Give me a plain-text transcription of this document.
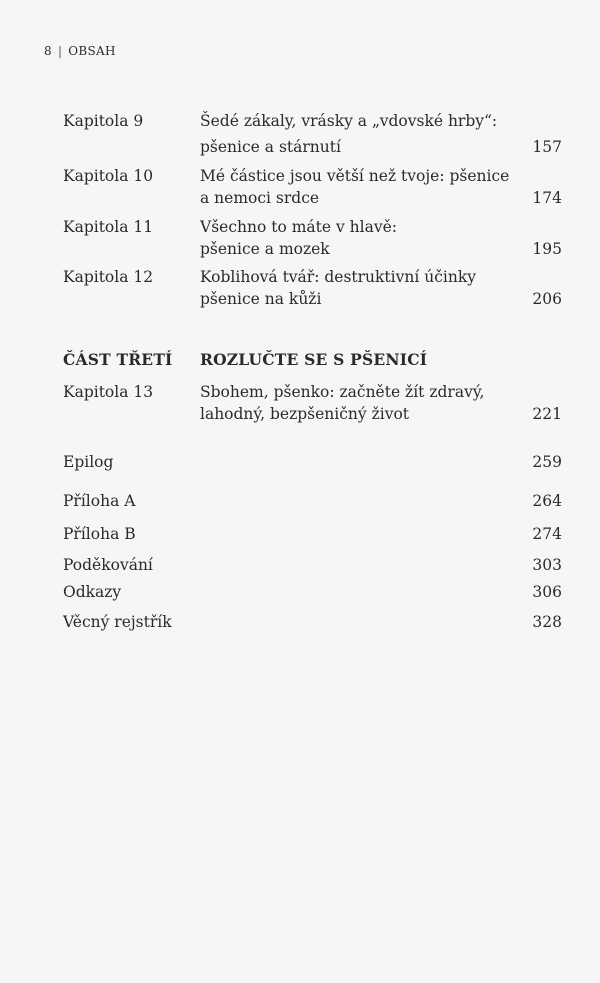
8 | OBSAH
Kapitola 9	Šedé zákaly, vrásky a „vdovské hrby“:
pšenice a stárnutí	157
Kapitola 10	Mé částice jsou větší než tvoje: pšenice
a nemoci srdce	174
Kapitola 11	Všechno to máte v hlavě:
pšenice a mozek	195
Kapitola 12	Koblihová tvář: destruktivní účinky
pšenice na kůži	206
ČÁST TŘETÍ ROZLUČTE SE S PŠENICÍ
Kapitola 13	Sbohem, pšenko: začněte žít zdravý,
lahodný, bezpšeničný život	221
Epilog	259
Příloha A	264
Příloha B	274
Poděkování	303
Odkazy	306
Věcný rejstřík	328
